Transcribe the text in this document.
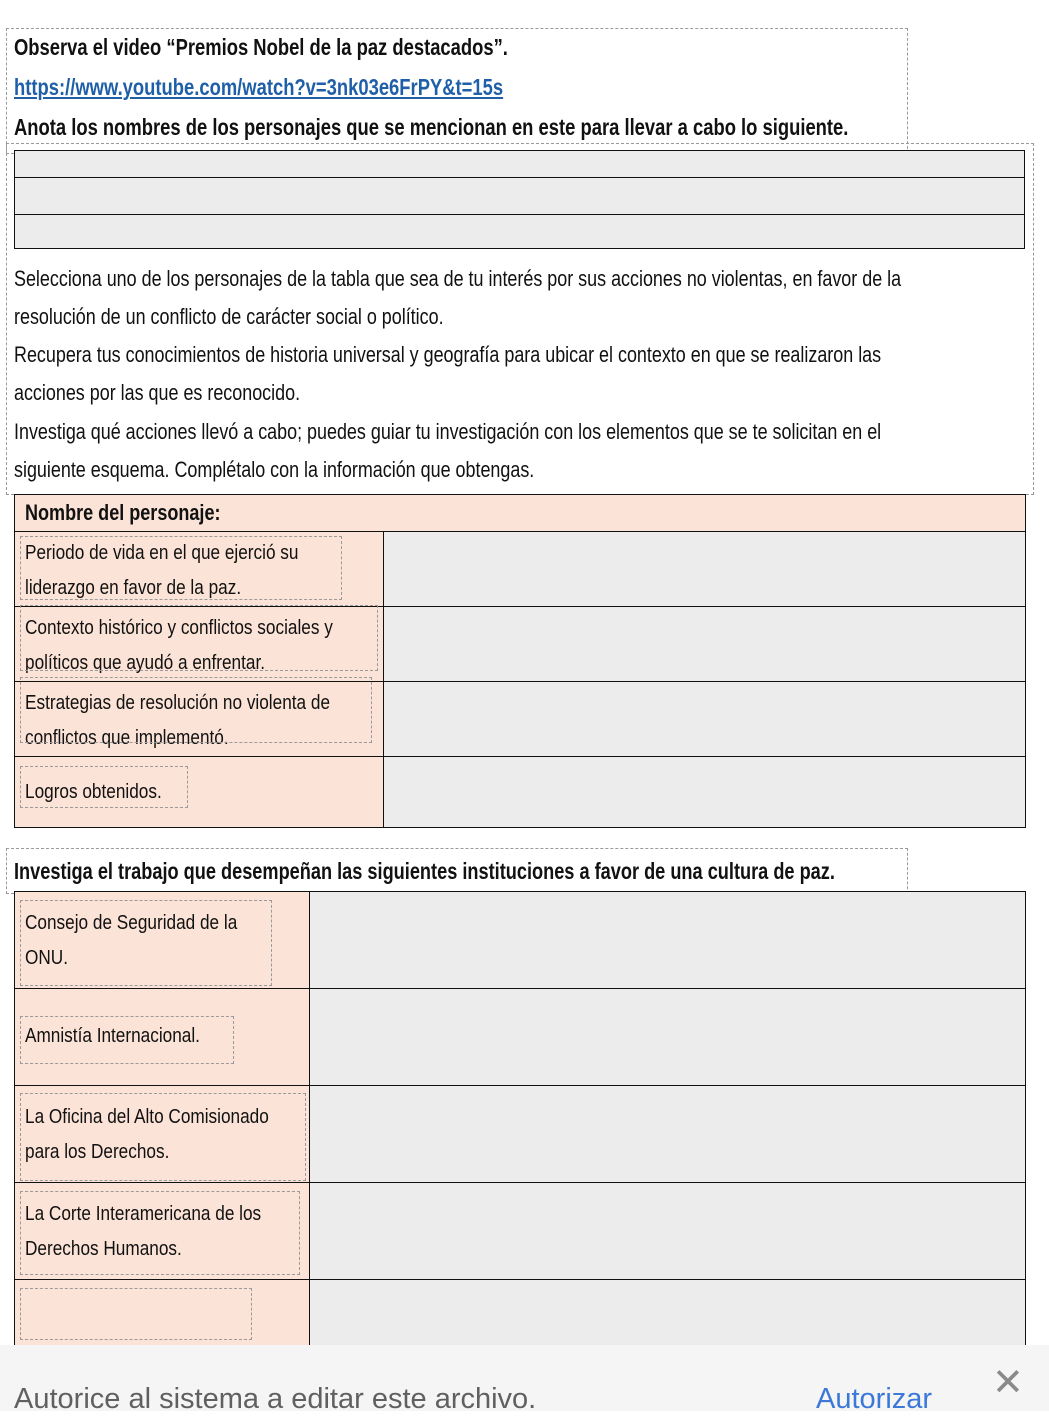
Observa el video “Premios Nobel de la paz destacados”.
https://www.youtube.com/watch?v=3nk03e6FrPY&t=15s
Anota los nombres de los personajes que se mencionan en este para llevar a cabo lo siguiente.

Selecciona uno de los personajes de la tabla que sea de tu interés por sus acciones no violentas, en favor de la
resolución de un conflicto de carácter social o político.
Recupera tus conocimientos de historia universal y geografía para ubicar el contexto en que se realizaron las
acciones por las que es reconocido.
Investiga qué acciones llevó a cabo; puedes guiar tu investigación con los elementos que se te solicitan en el
siguiente esquema. Complétalo con la información que obtengas.
Nombre del personaje:	

Periodo de vida en el que ejerció su
liderazgo en favor de la paz.	

Contexto histórico y conflictos sociales y
políticos que ayudó a enfrentar.	

Estrategias de resolución no violenta de
conflictos que implementó.	

Logros obtenidos.	

Investiga el trabajo que desempeñan las siguientes instituciones a favor de una cultura de paz.
Consejo de Seguridad de la
ONU.	

Amnistía Internacional.	

La Oficina del Alto Comisionado
para los Derechos.	

La Corte Interamericana de los
Derechos Humanos.	

Autorice al sistema a editar este archivo.	Autorizar ✕
